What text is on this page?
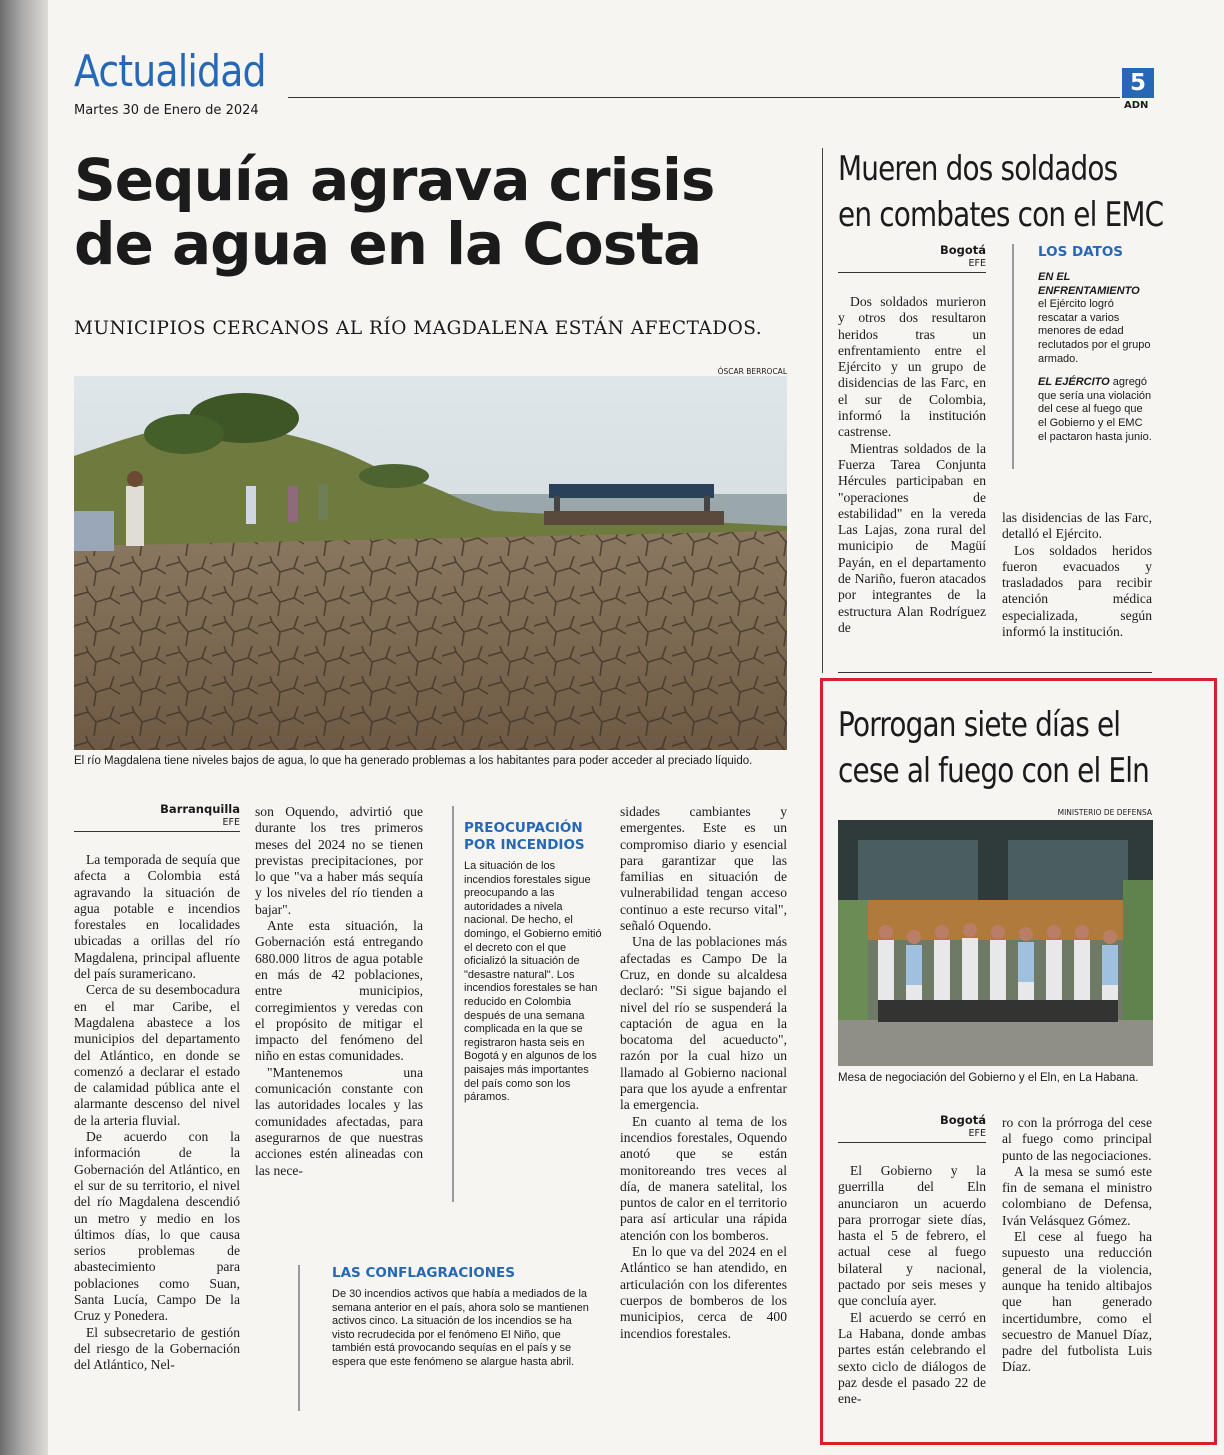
Actualidad
Martes 30 de Enero de 2024
5
ADN
Sequía agrava crisis de agua en la Costa
MUNICIPIOS CERCANOS AL RÍO MAGDALENA ESTÁN AFECTADOS.
ÓSCAR BERROCAL
El río Magdalena tiene niveles bajos de agua, lo que ha generado problemas a los habitantes para poder acceder al preciado líquido.
Barranquilla
EFE

La temporada de sequía que afecta a Colombia está agravando la situación de agua potable e incendios forestales en localidades ubicadas a orillas del río Magdalena, principal afluente del país suramericano.

Cerca de su desembocadura en el mar Caribe, el Magdalena abastece a los municipios del departamento del Atlántico, en donde se comenzó a declarar el estado de calamidad pública ante el alarmante descenso del nivel de la arteria fluvial.

De acuerdo con la información de la Gobernación del Atlántico, en el sur de su territorio, el nivel del río Magdalena descendió un metro y medio en los últimos días, lo que causa serios problemas de abastecimiento para poblaciones como Suan, Santa Lucía, Campo De la Cruz y Ponedera.

El subsecretario de gestión del riesgo de la Gobernación del Atlántico, Nel-

son Oquendo, advirtió que durante los tres primeros meses del 2024 no se tienen previstas precipitaciones, por lo que "va a haber más sequía y los niveles del río tienden a bajar".

Ante esta situación, la Gobernación está entregando 680.000 litros de agua potable en más de 42 poblaciones, entre municipios, corregimientos y veredas con el propósito de mitigar el impacto del fenómeno del niño en estas comunidades.

"Mantenemos una comunicación constante con las autoridades locales y las comunidades afectadas, para asegurarnos de que nuestras acciones estén alineadas con las nece-

PREOCUPACIÓN POR INCENDIOS
La situación de los incendios forestales sigue preocupando a las autoridades a nivela nacional. De hecho, el domingo, el Gobierno emitió el decreto con el que oficializó la situación de "desastre natural". Los incendios forestales se han reducido en Colombia después de una semana complicada en la que se registraron hasta seis en Bogotá y en algunos de los paisajes más importantes del país como son los páramos.

sidades cambiantes y emergentes. Este es un compromiso diario y esencial para garantizar que las familias en situación de vulnerabilidad tengan acceso continuo a este recurso vital", señaló Oquendo.

Una de las poblaciones más afectadas es Campo De la Cruz, en donde su alcaldesa declaró: "Si sigue bajando el nivel del río se suspenderá la captación de agua en la bocatoma del acueducto", razón por la cual hizo un llamado al Gobierno nacional para que los ayude a enfrentar la emergencia.

En cuanto al tema de los incendios forestales, Oquendo anotó que se están monitoreando tres veces al día, de manera satelital, los puntos de calor en el territorio para así articular una rápida atención con los bomberos.

En lo que va del 2024 en el Atlántico se han atendido, en articulación con los diferentes cuerpos de bomberos de los municipios, cerca de 400 incendios forestales.

LAS CONFLAGRACIONES
De 30 incendios activos que había a mediados de la semana anterior en el país, ahora solo se mantienen activos cinco. La situación de los incendios se ha visto recrudecida por el fenómeno El Niño, que también está provocando sequías en el país y se espera que este fenómeno se alargue hasta abril.
Mueren dos soldados
en combates con el EMC
Bogotá
EFE

Dos soldados murieron y otros dos resultaron heridos tras un enfrentamiento entre el Ejército y un grupo de disidencias de las Farc, en el sur de Colombia, informó la institución castrense.

Mientras soldados de la Fuerza Tarea Conjunta Hércules participaban en "operaciones de estabilidad" en la vereda Las Lajas, zona rural del municipio de Magüí Payán, en el departamento de Nariño, fueron atacados por integrantes de la estructura Alan Rodríguez de

LOS DATOS
EN EL ENFRENTAMIENTO
el Ejército logró rescatar a varios menores de edad reclutados por el grupo armado.
EL EJÉRCITO agregó que sería una violación del cese al fuego que el Gobierno y el EMC el pactaron hasta junio.

las disidencias de las Farc, detalló el Ejército.

Los soldados heridos fueron evacuados y trasladados para recibir atención médica especializada, según informó la institución.

Porrogan siete días el
cese al fuego con el Eln
MINISTERIO DE DEFENSA
Mesa de negociación del Gobierno y el Eln, en La Habana.
Bogotá
EFE

El Gobierno y la guerrilla del Eln anunciaron un acuerdo para prorrogar siete días, hasta el 5 de febrero, el actual cese al fuego bilateral y nacional, pactado por seis meses y que concluía ayer.

El acuerdo se cerró en La Habana, donde ambas partes están celebrando el sexto ciclo de diálogos de paz desde el pasado 22 de ene-

ro con la prórroga del cese al fuego como principal punto de las negociaciones.

A la mesa se sumó este fin de semana el ministro colombiano de Defensa, Iván Velásquez Gómez.

El cese al fuego ha supuesto una reducción general de la violencia, aunque ha tenido altibajos que han generado incertidumbre, como el secuestro de Manuel Díaz, padre del futbolista Luis Díaz.
